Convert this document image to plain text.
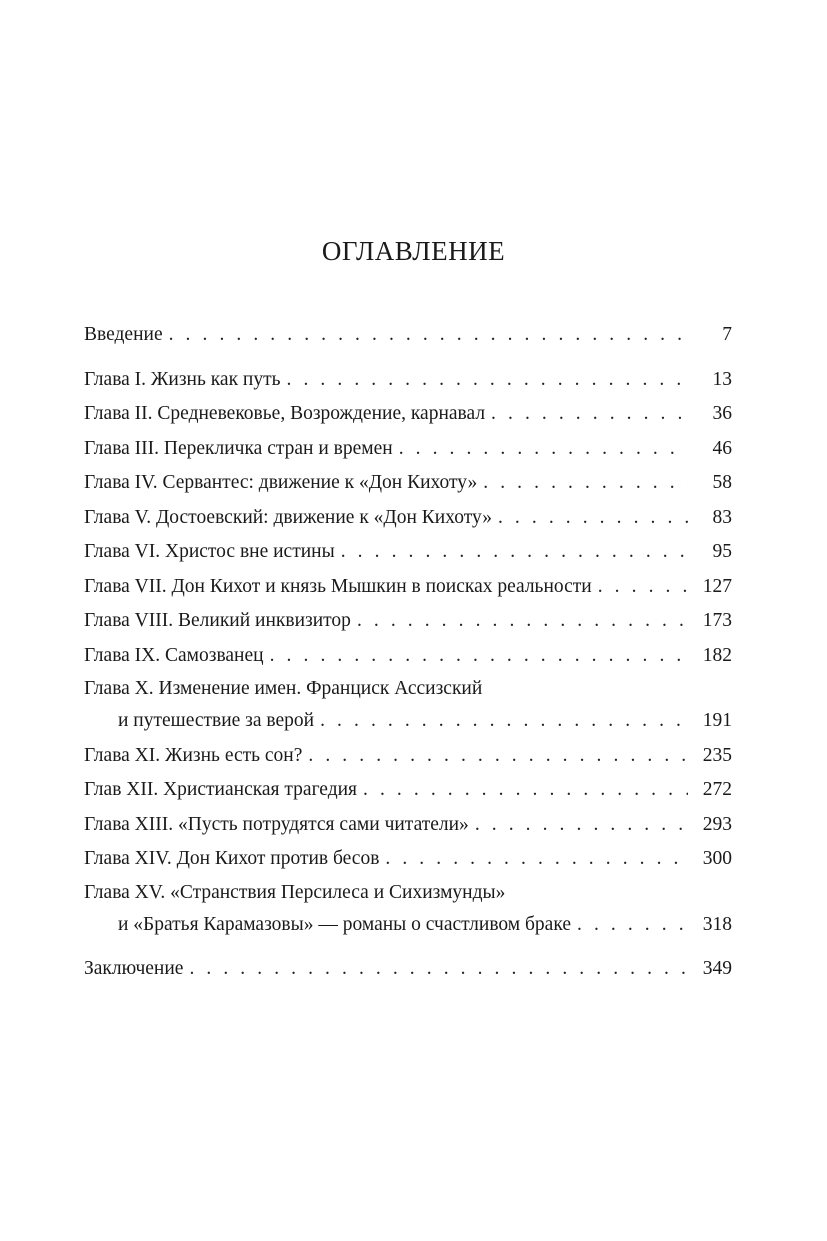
ОГЛАВЛЕНИЕ
Введение . . .	7
Глава I. Жизнь как путь . . .	13
Глава II. Средневековье, Возрождение, карнавал . . .	36
Глава III. Перекличка стран и времен . . .	46
Глава IV. Сервантес: движение к «Дон Кихоту» . . .	58
Глава V. Достоевский: движение к «Дон Кихоту» . . .	83
Глава VI. Христос вне истины . . .	95
Глава VII. Дон Кихот и князь Мышкин в поисках реальности . . .	127
Глава VIII. Великий инквизитор . . .	173
Глава IX. Самозванец . . .	182
Глава X. Изменение имен. Франциск Ассизский
и путешествие за верой . . .	191
Глава XI. Жизнь есть сон? . . .	235
Глав XII. Христианская трагедия . . .	272
Глава XIII. «Пусть потрудятся сами читатели» . . .	293
Глава XIV. Дон Кихот против бесов . . .	300
Глава XV. «Странствия Персилеса и Сихизмунды»
и «Братья Карамазовы» — романы о счастливом браке . . .	318
Заключение . . .	349
